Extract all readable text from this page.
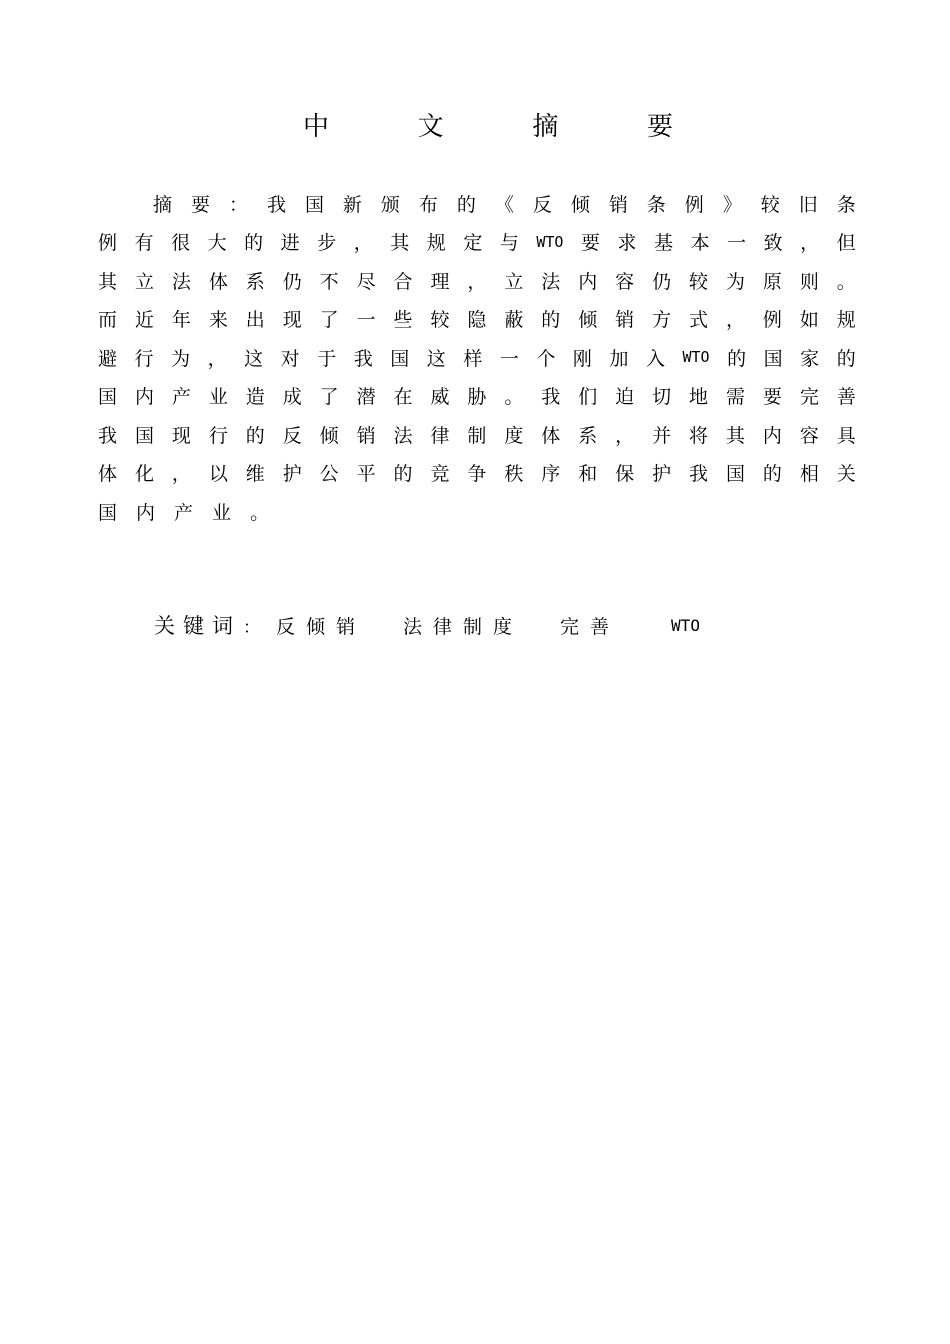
中	文	摘	要
摘 要 ： 我 国 新 颁 布 的 《 反 倾 销 条 例 》 较 旧 条
例 有 很 大 的 进 步 ， 其 规 定 与 WTO 要 求 基 本 一 致 ， 但
其 立 法 体 系 仍 不 尽 合 理 ， 立 法 内 容 仍 较 为 原 则 。
而 近 年 来 出 现 了 一 些 较 隐 蔽 的 倾 销 方 式 ， 例 如 规
避 行 为 ， 这 对 于 我 国 这 样 一 个 刚 加 入 WTO 的 国 家 的
国 内 产 业 造 成 了 潜 在 威 胁 。 我 们 迫 切 地 需 要 完 善
我 国 现 行 的 反 倾 销 法 律 制 度 体 系 ， 并 将 其 内 容 具
体 化 ， 以 维 护 公 平 的 竞 争 秩 序 和 保 护 我 国 的 相 关
国 内 产 业 。
关键词 ： 反倾销 法律制度 完善	WTO
